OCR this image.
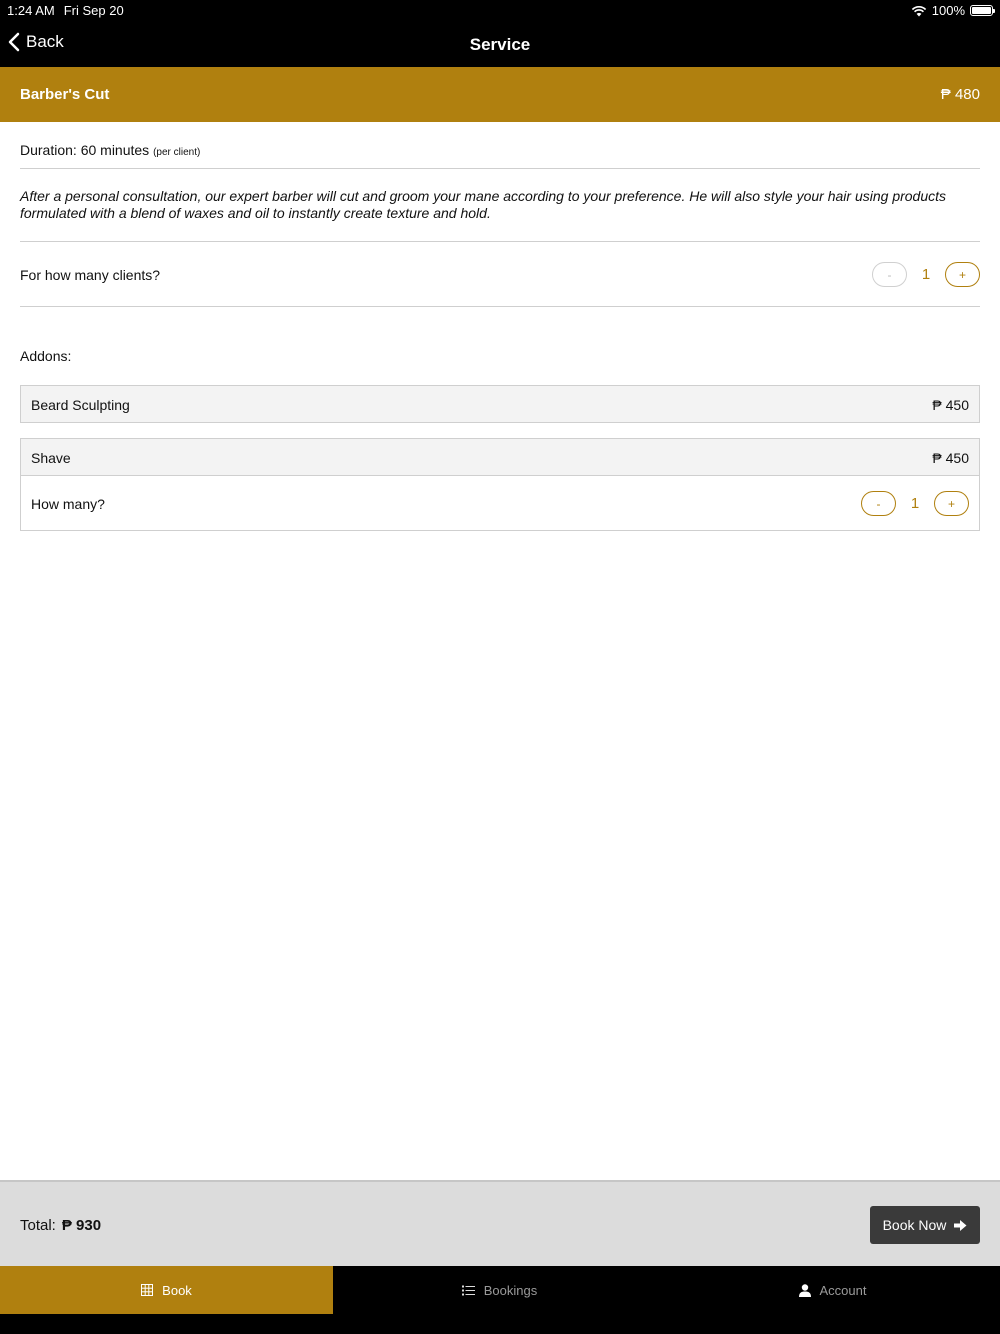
1:24 AM Fri Sep 20	100%
Back	Service
Barber's Cut	₱ 480
Duration: 60 minutes (per client)
After a personal consultation, our expert barber will cut and groom your mane according to your preference. He will also style your hair using products formulated with a blend of waxes and oil to instantly create texture and hold.
For how many clients?	-	1	+
Addons:
Beard Sculpting	₱ 450
Shave	₱ 450
How many?	-	1	+
Total: ₱ 930	Book Now
Book	Bookings	Account
